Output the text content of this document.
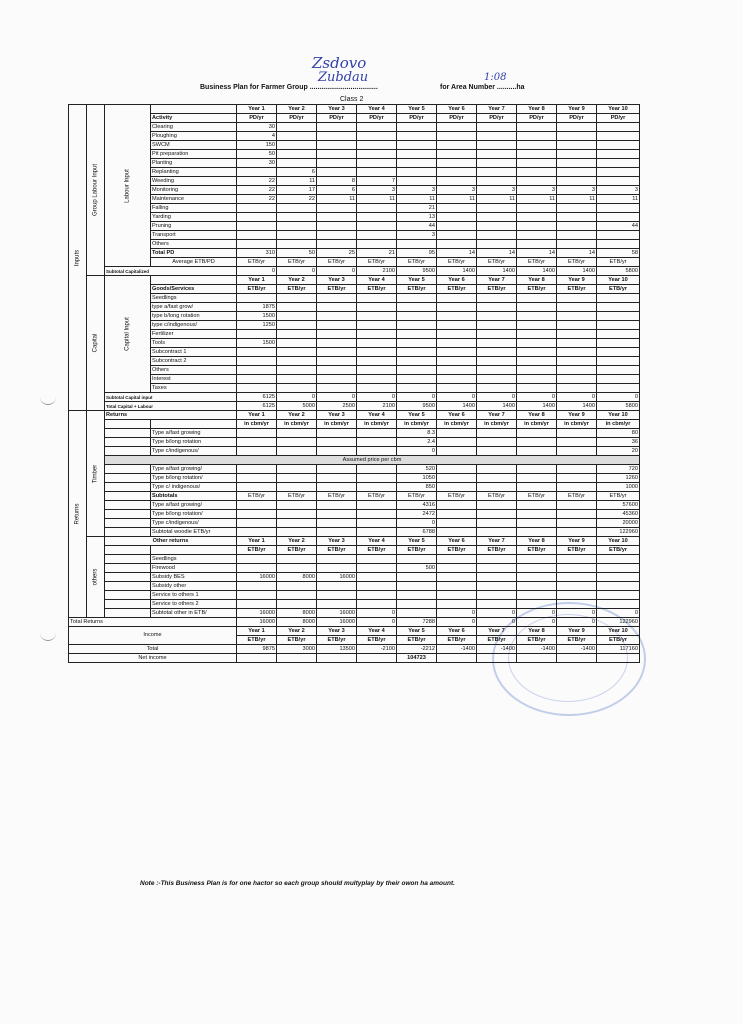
Zsdovo
Zubdau	1:08
Business Plan for Farmer Group ...................................	for Area Number ..........ha
Class 2
Inputs	Group Labour Input	Labour Input		Year 1	Year 2	Year 3	Year 4	Year 5	Year 6	Year 7	Year 8	Year 9	Year 10
			Activity	PD/yr	PD/yr	PD/yr	PD/yr	PD/yr	PD/yr	PD/yr	PD/yr	PD/yr	PD/yr
			Clearing	30									
			Ploughing	4									
			SWCM	150									
			Pit preparation	50									
			Planting	30									
			Replanting		6								
			Weeding	22	11	8	7						
			Monitoring	22	17	6	3	3	3	3	3	3	3
			Maintenance	22	22	11	11	11	11	11	11	11	11
			Falling					21					
			Yarding					13					
			Pruning					44					44
			Transport					3					
			Others										
			Total PD	310	50	25	21	95	14	14	14	14	58
			Average ETB/PD	ETB/yr	ETB/yr	ETB/yr	ETB/yr	ETB/yr	ETB/yr	ETB/yr	ETB/yr	ETB/yr	ETB/yr
		Subtotal Capitalized		0	0	0	2100	9500	1400	1400	1400	1400	5800

	Capital	Capital Input		Year 1	Year 2	Year 3	Year 4	Year 5	Year 6	Year 7	Year 8	Year 9	Year 10
			Goods/Services	ETB/yr	ETB/yr	ETB/yr	ETB/yr	ETB/yr	ETB/yr	ETB/yr	ETB/yr	ETB/yr	ETB/yr
			Seedlings										
			type a/fast grow/	1875									
			type b/long rotation	1500									
			type c/indigenous/	1250									
			Fertilizer										
			Tools	1500									
			Subcontract 1										
			Subcontract 2										
			Others										
			Interest										
			Taxes										
		Subtotal Capital input		6125	0	0	0	0	0	0	0	0	0
		Total Capital + Labour		6125	5000	2500	2100	9500	1400	1400	1400	1400	5800

Returns	Timber	Returns		Year 1	Year 2	Year 3	Year 4	Year 5	Year 6	Year 7	Year 8	Year 9	Year 10
				in cbm/yr	in cbm/yr	in cbm/yr	in cbm/yr	in cbm/yr	in cbm/yr	in cbm/yr	in cbm/yr	in cbm/yr	in cbm/yr
			Type a/fast growing					8.3					80
			Type b/long rotation					2.4					36
			Type c/indigenous/					0					20
		Assumed price per cbm											
			Type a/fast growing/					520					720
			Type b/long rotation/					1050					1260
			Type c/ indigenous/					850					1000
			Subtotals	ETB/yr	ETB/yr	ETB/yr	ETB/yr	ETB/yr	ETB/yr	ETB/yr	ETB/yr	ETB/yr	ETB/yr
			Type a/fast growing/					4316					57600
			Type b/long rotation/					2472					45360
			Type c/indigenous/					0					20000
			Subtotal woodie ETB/yr					6788					122960

	others	Other returns		Year 1	Year 2	Year 3	Year 4	Year 5	Year 6	Year 7	Year 8	Year 9	Year 10
				ETB/yr	ETB/yr	ETB/yr	ETB/yr	ETB/yr	ETB/yr	ETB/yr	ETB/yr	ETB/yr	ETB/yr
			Seedlings										
			Firewood					500					
			Subsidy BES	16000	8000	16000							
			Subsidy other										
			Service to others 1										
			Service to others 2										
			Subtotal other in ETB/	16000	8000	16000	0		0	0	0	0	0
Total Returns				16000	8000	16000	0	7288	0	0	0	0	122960
Income				Year 1	Year 2	Year 3	Year 4	Year 5	Year 6	Year 7	Year 8	Year 9	Year 10
				ETB/yr	ETB/yr	ETB/yr	ETB/yr	ETB/yr	ETB/yr	ETB/yr	ETB/yr	ETB/yr	ETB/yr
Total				9875	3000	13500	-2100	-2212	-1400	-1400	-1400	-1400	117160
Net income								104723					
Note :-This Business Plan is for one hactor so each group should multyplay by their owon ha amount.
